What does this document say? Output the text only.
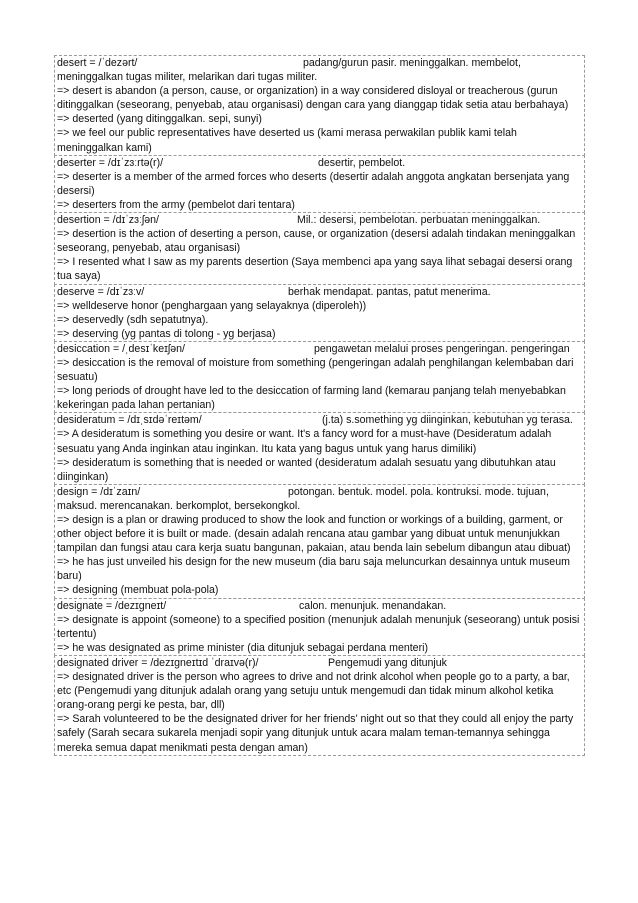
desert = /ˈdezərt/	padang/gurun pasir. meninggalkan. membelot,
meninggalkan tugas militer, melarikan dari tugas militer.
=> desert is abandon (a person, cause, or organization) in a way considered disloyal or treacherous (gurun ditinggalkan (seseorang, penyebab, atau organisasi) dengan cara yang dianggap tidak setia atau berbahaya)
=> deserted (yang ditinggalkan. sepi, sunyi)
=> we feel our public representatives have deserted us (kami merasa perwakilan publik kami telah meninggalkan kami)
deserter = /dɪˈzɜːrtə(r)/	desertir, pembelot.
=> deserter is a member of the armed forces who deserts (desertir adalah anggota angkatan bersenjata yang desersi)
=> deserters from the army (pembelot dari tentara)
desertion = /dɪˈzɜːʃən/	Mil.: desersi, pembelotan. perbuatan meninggalkan.
=> desertion is the action of deserting a person, cause, or organization (desersi adalah tindakan meninggalkan seseorang, penyebab, atau organisasi)
=> I resented what I saw as my parents desertion (Saya membenci apa yang saya lihat sebagai desersi orang tua saya)
deserve = /dɪˈzɜːv/	berhak mendapat. pantas, patut menerima.
=> welldeserve honor (penghargaan yang selayaknya (diperoleh))
=> deservedly (sdh sepatutnya).
=> deserving (yg pantas di tolong - yg berjasa)
desiccation = /ˌdesɪˈkeɪʃən/	pengawetan melalui proses pengeringan. pengeringan
=> desiccation is the removal of moisture from something (pengeringan adalah penghilangan kelembaban dari sesuatu)
=> long periods of drought have led to the desiccation of farming land (kemarau panjang telah menyebabkan kekeringan pada lahan pertanian)
desideratum = /dɪˌsɪdəˈreɪtəm/	(j.ta) s.something yg diinginkan, kebutuhan yg terasa.
=> A desideratum is something you desire or want. It's a fancy word for a must-have (Desideratum adalah sesuatu yang Anda inginkan atau inginkan. Itu kata yang bagus untuk yang harus dimiliki)
=> desideratum is something that is needed or wanted (desideratum adalah sesuatu yang dibutuhkan atau diinginkan)
design = /dɪˈzaɪn/	potongan. bentuk. model. pola. kontruksi. mode. tujuan,
maksud. merencanakan. berkomplot, bersekongkol.
=> design is a plan or drawing produced to show the look and function or workings of a building, garment, or other object before it is built or made. (desain adalah rencana atau gambar yang dibuat untuk menunjukkan tampilan dan fungsi atau cara kerja suatu bangunan, pakaian, atau benda lain sebelum dibangun atau dibuat)
=> he has just unveiled his design for the new museum (dia baru saja meluncurkan desainnya untuk museum baru)
=> designing (membuat pola-pola)
designate = /dezɪgneɪt/	calon. menunjuk. menandakan.
=> designate is appoint (someone) to a specified position (menunjuk adalah menunjuk (seseorang) untuk posisi tertentu)
=> he was designated as prime minister (dia ditunjuk sebagai perdana menteri)
designated driver = /dezɪgneɪtɪd ˈdraɪvə(r)/	Pengemudi yang ditunjuk
=> designated driver is the person who agrees to drive and not drink alcohol when people go to a party, a bar, etc (Pengemudi yang ditunjuk adalah orang yang setuju untuk mengemudi dan tidak minum alkohol ketika orang-orang pergi ke pesta, bar, dll)
=> Sarah volunteered to be the designated driver for her friends' night out so that they could all enjoy the party safely (Sarah secara sukarela menjadi sopir yang ditunjuk untuk acara malam teman-temannya sehingga mereka semua dapat menikmati pesta dengan aman)
